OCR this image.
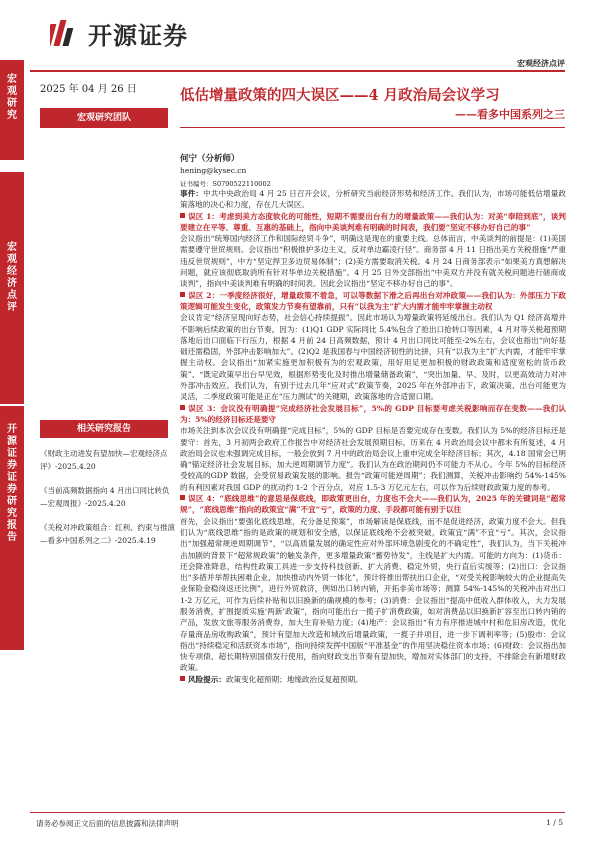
开源证券
宏观经济点评
宏观研究
宏观经济点评
开源证券 证券研究报告
2025 年 04 月 26 日
宏观研究团队
低估增量政策的四大误区——4 月政治局会议学习
——看多中国系列之三
何宁（分析师）
hening@kysec.cn
证书编号：S0790522110002
相关研究报告
《财政主动进发有望加快—宏观经济点评》-2025.4.20
《当前高频数据指向 4 月出口同比转负—宏观周报》-2025.4.20
《关税对冲政策组合：红利、约束与推演—看多中国系列之二》-2025.4.19

事件：中共中央政治局 4 月 25 日召开会议，分析研究当前经济形势和经济工作。我们认为，市场可能低估增量政策落地的决心和力度，存在几大误区。

误区 1：考虑到美方态度软化的可能性，短期不需要出台有力的增量政策——我们认为：对美“奉陪到底”，谈判要建立在平等、尊重、互惠的基础上，指向中美谈判难有明确的时间表，我们要“坚定不移办好自己的事”

会议指出“统筹国内经济工作和国际经贸斗争”，明确这是现在的重要主线。总体而言，中美谈判的前提是：(1)美国需要遵守世贸规则。会议指出“积极推护多边主义，反对单边霸凌行径”。商务部 4 月 11 日指出美方关税措施“严重违反世贸规则”，中方“坚定捍卫多边贸易体制”；(2)美方需要取消关税。4 月 24 日商务部表示“如果美方真想解决问题，就应该彻底取消所有针对华单边关税措施”。4 月 25 日外交部指出“中美双方并没有就关税问题进行磋商或谈判”，指向中美谈判难有明确的时间表。因此会议指出“坚定不移办好自己的事”。

误区 2：一季度经济很好，增量政策不着急，可以等数据下滑之后再出台对冲政策——我们认为：外部压力下政策逻辑可能发生变化，政策发力节奏有望靠前，只有“以我为主”扩大内需才能牢牢掌握主动权

会议肯定“经济呈现向好态势，社会信心持续提振”。因此市场认为增量政策将延缓出台。我们认为 Q1 经济高增并不影响后续政策的出台节奏。因为：(1)Q1 GDP 实际同比 5.4%包含了抢出口抢转口等因素，4 月对等关税超预期落地后出口面临下行压力，根据 4 月前 24 日高频数据，预计 4 月出口同比可能至-2%左右，会议也指出“向好基础还需稳固，外部冲击影响加大”。(2)Q2 是我国春与中国经济韧性的比拼，只有“以我为主”扩大内需，才能牢牢掌握主动权。会议指出“加紧实施更加积极有为的宏观政策，用好用足更加积极的财政政策和适度宽松的货币政策”、“既定政策早出台早见效，根据形势变化及时推出增量储备政策”，“突出加量、早、及时，以更高效动力对冲外部冲击效应。我们认为，有别于过去几年“应对式”政策节奏，2025 年在外部冲击下，政策决策、出台可能更为灵活，二季度政策可能是正在“压力测试”的关键期，政策落地的合适窗口期。

误区 3：会议没有明确提“完成经济社会发展目标”，5%的 GDP 目标要考虑关税影响而存在变数——我们认为：5%的经济目标还是要守

市场关注到本次会议没有明确提“完成目标”，5%的 GDP 目标是否要完成存在变数。我们认为 5%的经济目标还是要守：首先，3 月初两会政府工作报告中对经济社会发展预期目标，历来在 4 月政治局会议中都未有所复述，4 月政治局会议也未强调完成目标，一般会放到 7 月中的政治局会议上重申完成全年经济目标；其次，4.18 国常会已明确“锚定经济社会发展目标，加大逆周期调节力度”。我们认为在政治期间仍不可能力不从心。今年 5%的目标经济受较高的GDP 数据，会受贸易政策发展的影响。报告“政策可能逆周期”；我们测算，关税冲击影响约 54%-145%的有利因素对我国 GDP 的扰动约 1-2 个百分点，对应 1.5-3 万亿元左右，可以作为后续财政政策力度的参考。

误区 4：“底线思维”的意思是保底线，即政策更出台，力度也不会大——我们认为，2025 年的关键词是“超常规”，“底线思维”指向的政策宜“满”不宜“亏”，政策的力度、手段都可能有别于以往

首先，会议指出“要强化底线思维，充分备足预案”，市场解读是保底线，而不是促进经济，政策力度不会大。但我们认为“底线思维”指的是政策的规划和安全感，以保证底线绝不会被突破，政策宜“满”不宜“亏”。其次，会议指出“加强超常规逆周期调节”，“以高质量发展的确定性应对外部环境急剧变化的不确定性”，我们认为，当下关税冲击加剧的背景下“超常规政策”的触发条件，更多增量政策“蓄势待发”，主线是扩大内需。可能的方向为：(1)货币：还会降准降息，结构性政策工具进一步支持科技创新、扩大消费、稳定外贸，央行直后实缓等；(2)出口：会议指出“多措并举帮扶困难企业，加快推动内外贸一体化”，预计将推出帮扶出口企业，“对受关税影响较大的企业提高失业保险金稳岗返还比例”，进行外贸救济，例如出口转内销，开拓非美市场等；测算 54%-145%的关税冲击对出口 1-2 万亿元，可作为后续补贴和以旧换新的确规模的参考；(3)消费：会议指出“提高中低收入群体收入，大力发展服务消费，扩围提质实施‘两新’政策”，指向可能出台一揽子扩消费政策，如对消费品以旧换新扩容至出口转内销的产品，发放文旅等服务消费券，加大生育补贴力度；(4)地产：会议指出“有力有序推进城中村和危旧房改造，优化存量商品房收购政策”，预计有望加大改造和城改后增量政策，一揽子并项目，进一步下调利率等；(5)股市：会议指出“持续稳定和活跃资本市场”，指向持续发挥中国版“平准基金”的作用坚决稳住资本市场；(6)财政：会议指出加快专项债、超长期特别国债发行使用，指向财政支出节奏有望加快，增加对实体部门的支持，不排除会有新增财政政策。

风险提示：政策变化超预期；地缘政治反复超预期。

请务必参阅正文后面的信息披露和法律声明	1 / 5
